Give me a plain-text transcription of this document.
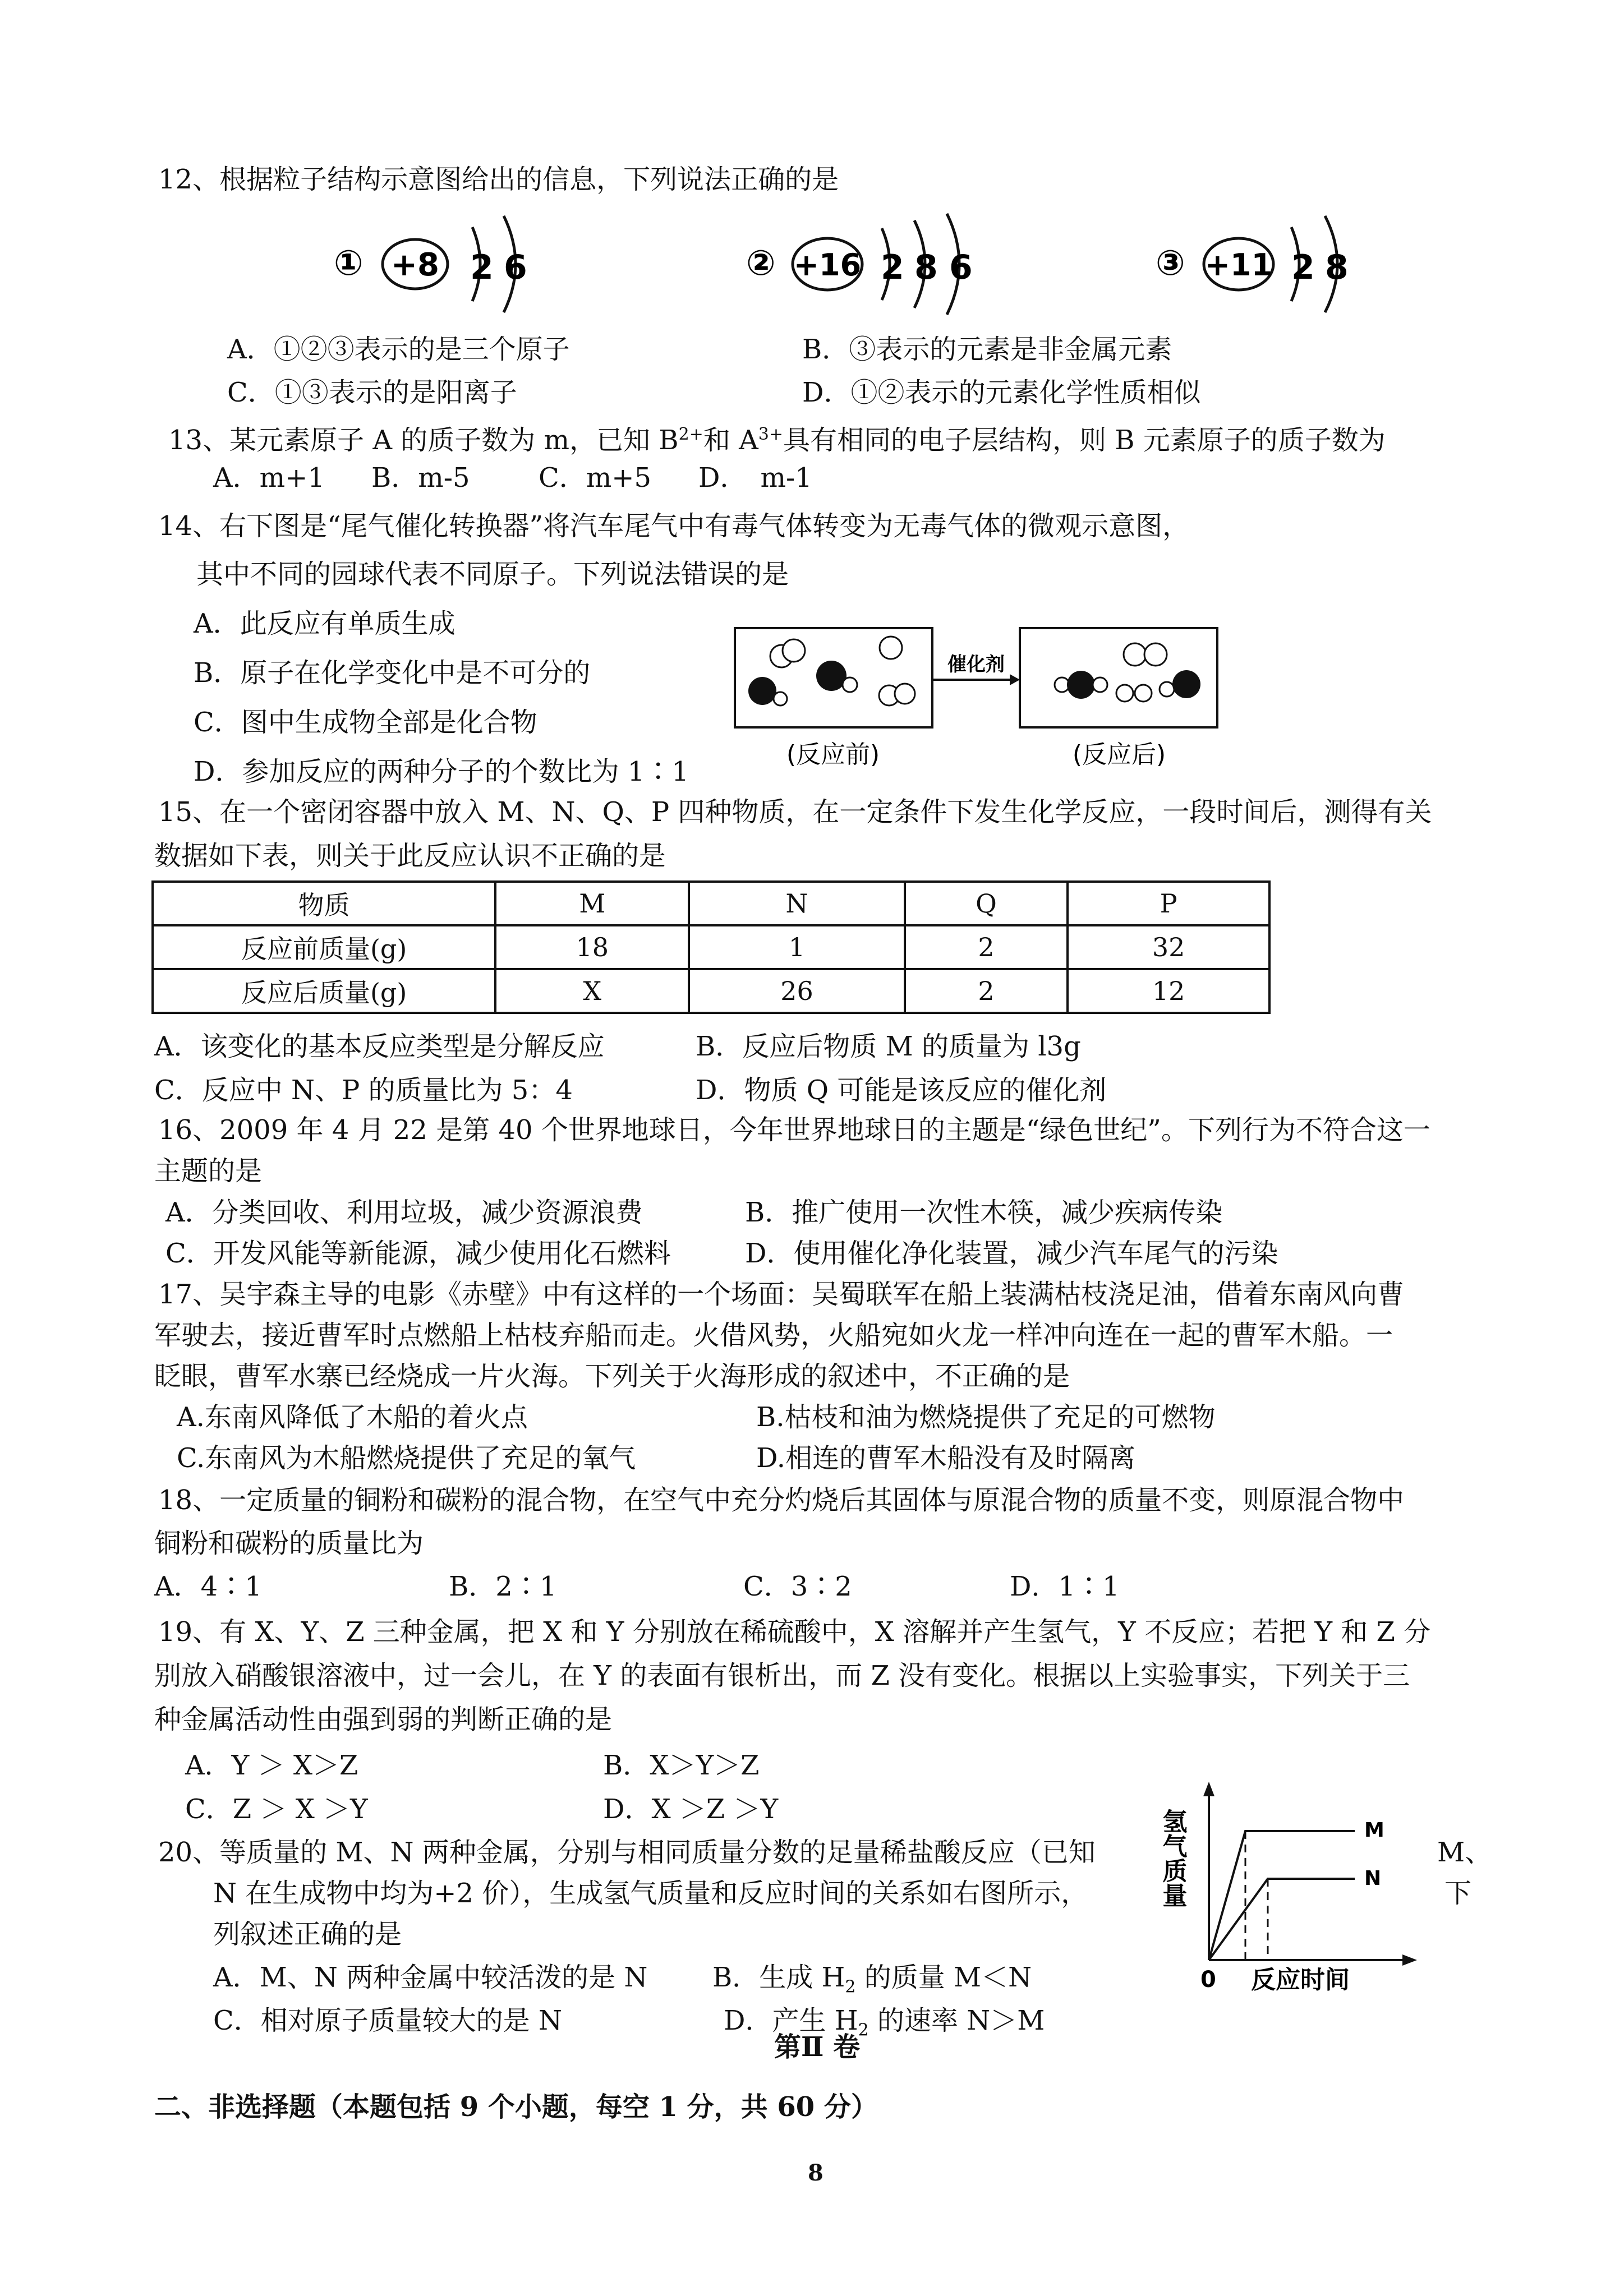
12、根据粒子结构示意图给出的信息，下列说法正确的是
① +8 2 6	② +16 2 8 6	③ +11 2 8
A．①②③表示的是三个原子	B．③表示的元素是非金属元素
C．①③表示的是阳离子	D．①②表示的元素化学性质相似
13、某元素原子 A 的质子数为 m，已知 $B^{2+}$和 $A^{3+}$具有相同的电子层结构，则 B 元素原子的质子数为
A．m+1 B．m-5	C．m+5 D．　m-1
14、右下图是“尾气催化转换器”将汽车尾气中有毒气体转变为无毒气体的微观示意图，
其中不同的园球代表不同原子。下列说法错误的是
A．此反应有单质生成
B．原子在化学变化中是不可分的
C．图中生成物全部是化合物
D．参加反应的两种分子的个数比为 1∶1
催化剂
(反应前)	(反应后)
15、在一个密闭容器中放入 M、N、Q、P 四种物质，在一定条件下发生化学反应，一段时间后，测得有关
数据如下表，则关于此反应认识不正确的是
物质	M	N	Q	P
反应前质量(g)	18	1	2	32
反应后质量(g)	X	26	2	12
A．该变化的基本反应类型是分解反应	B．反应后物质 M 的质量为 l3g
C．反应中 N、P 的质量比为 5：4	D．物质 Q 可能是该反应的催化剂
16、2009 年 4 月 22 是第 40 个世界地球日，今年世界地球日的主题是“绿色世纪”。下列行为不符合这一
主题的是
A．分类回收、利用垃圾，减少资源浪费	B．推广使用一次性木筷，减少疾病传染
C．开发风能等新能源，减少使用化石燃料	D．使用催化净化装置，减少汽车尾气的污染
17、吴宇森主导的电影《赤壁》中有这样的一个场面：吴蜀联军在船上装满枯枝浇足油，借着东南风向曹
军驶去，接近曹军时点燃船上枯枝弃船而走。火借风势，火船宛如火龙一样冲向连在一起的曹军木船。一
眨眼，曹军水寨已经烧成一片火海。下列关于火海形成的叙述中，不正确的是
A.东南风降低了木船的着火点	B.枯枝和油为燃烧提供了充足的可燃物
C.东南风为木船燃烧提供了充足的氧气	D.相连的曹军木船没有及时隔离
18、一定质量的铜粉和碳粉的混合物，在空气中充分灼烧后其固体与原混合物的质量不变，则原混合物中
铜粉和碳粉的质量比为
A．4∶1	B．2∶1	C．3∶2	D．1∶1
19、有 X、Y、Z 三种金属，把 X 和 Y 分别放在稀硫酸中，X 溶解并产生氢气，Y 不反应；若把 Y 和 Z 分
别放入硝酸银溶液中，过一会儿，在 Y 的表面有银析出，而 Z 没有变化。根据以上实验事实，下列关于三
种金属活动性由强到弱的判断正确的是
A．Y ＞ X＞Z	B．X＞Y＞Z
C．Z ＞ X ＞Y	D．X ＞Z ＞Y
20、等质量的 M、N 两种金属，分别与相同质量分数的足量稀盐酸反应（已知	M、
N 在生成物中均为+2 价），生成氢气质量和反应时间的关系如右图所示，	下
列叙述正确的是
A．M、N 两种金属中较活泼的是 N B．生成 $H_2$ 的质量 M＜N
C．相对原子质量较大的是 N	D．产生 $H_2$ 的速率 N＞M
M
N
0 反应时间
氢气质量
第Ⅱ 卷
二、非选择题（本题包括 9 个小题，每空 1 分，共 60 分）
8
